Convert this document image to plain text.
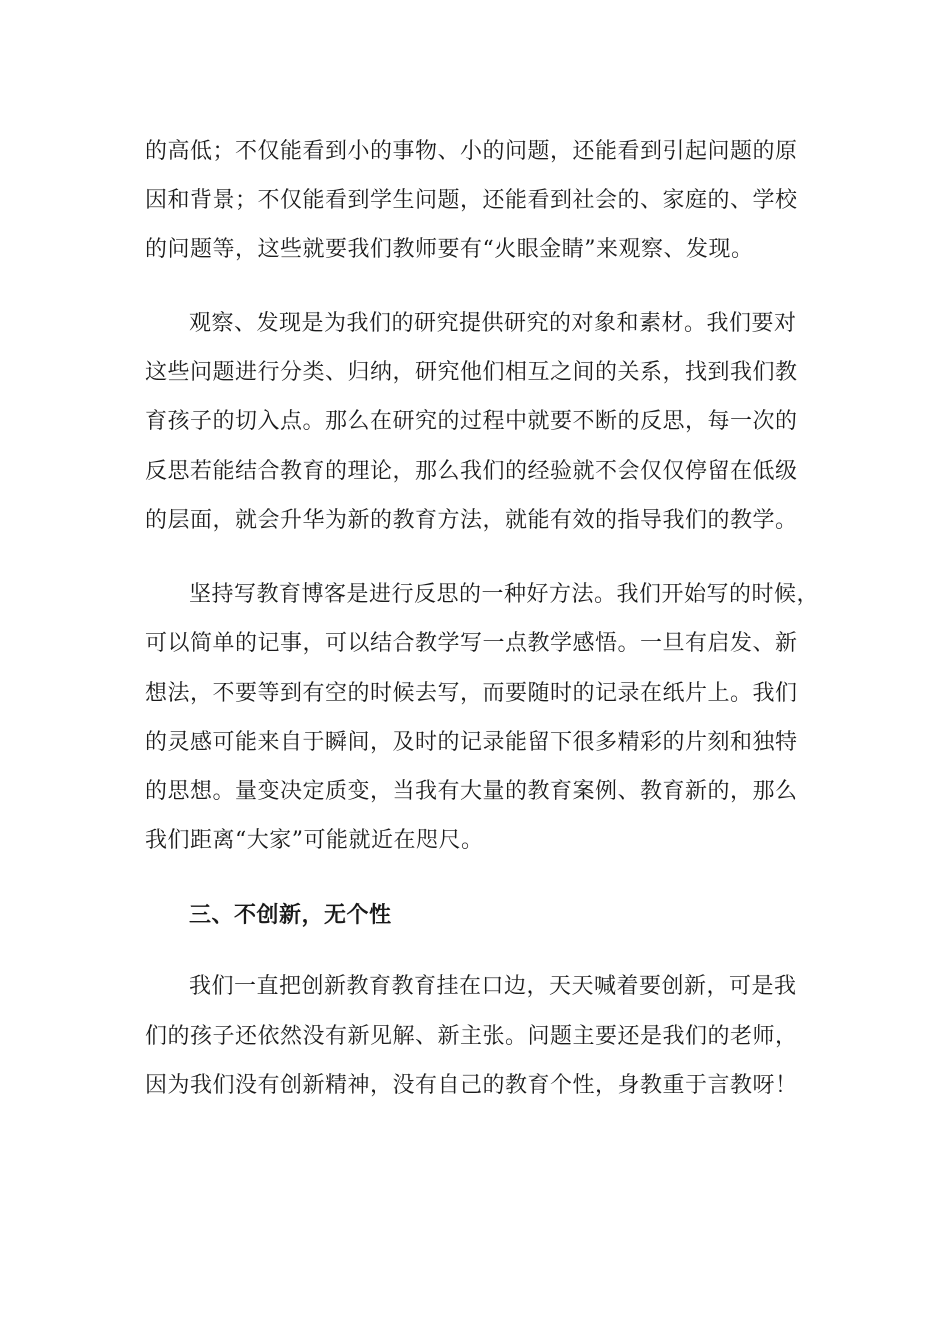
的高低；不仅能看到小的事物、小的问题，还能看到引起问题的原
因和背景；不仅能看到学生问题，还能看到社会的、家庭的、学校
的问题等，这些就要我们教师要有“火眼金睛”来观察、发现。
观察、发现是为我们的研究提供研究的对象和素材。我们要对
这些问题进行分类、归纳，研究他们相互之间的关系，找到我们教
育孩子的切入点。那么在研究的过程中就要不断的反思，每一次的
反思若能结合教育的理论，那么我们的经验就不会仅仅停留在低级
的层面，就会升华为新的教育方法，就能有效的指导我们的教学。
坚持写教育博客是进行反思的一种好方法。我们开始写的时候，
可以简单的记事，可以结合教学写一点教学感悟。一旦有启发、新
想法，不要等到有空的时候去写，而要随时的记录在纸片上。我们
的灵感可能来自于瞬间，及时的记录能留下很多精彩的片刻和独特
的思想。量变决定质变，当我有大量的教育案例、教育新的，那么
我们距离“大家”可能就近在咫尺。
三、不创新，无个性
我们一直把创新教育教育挂在口边，天天喊着要创新，可是我
们的孩子还依然没有新见解、新主张。问题主要还是我们的老师，
因为我们没有创新精神，没有自己的教育个性，身教重于言教呀！
